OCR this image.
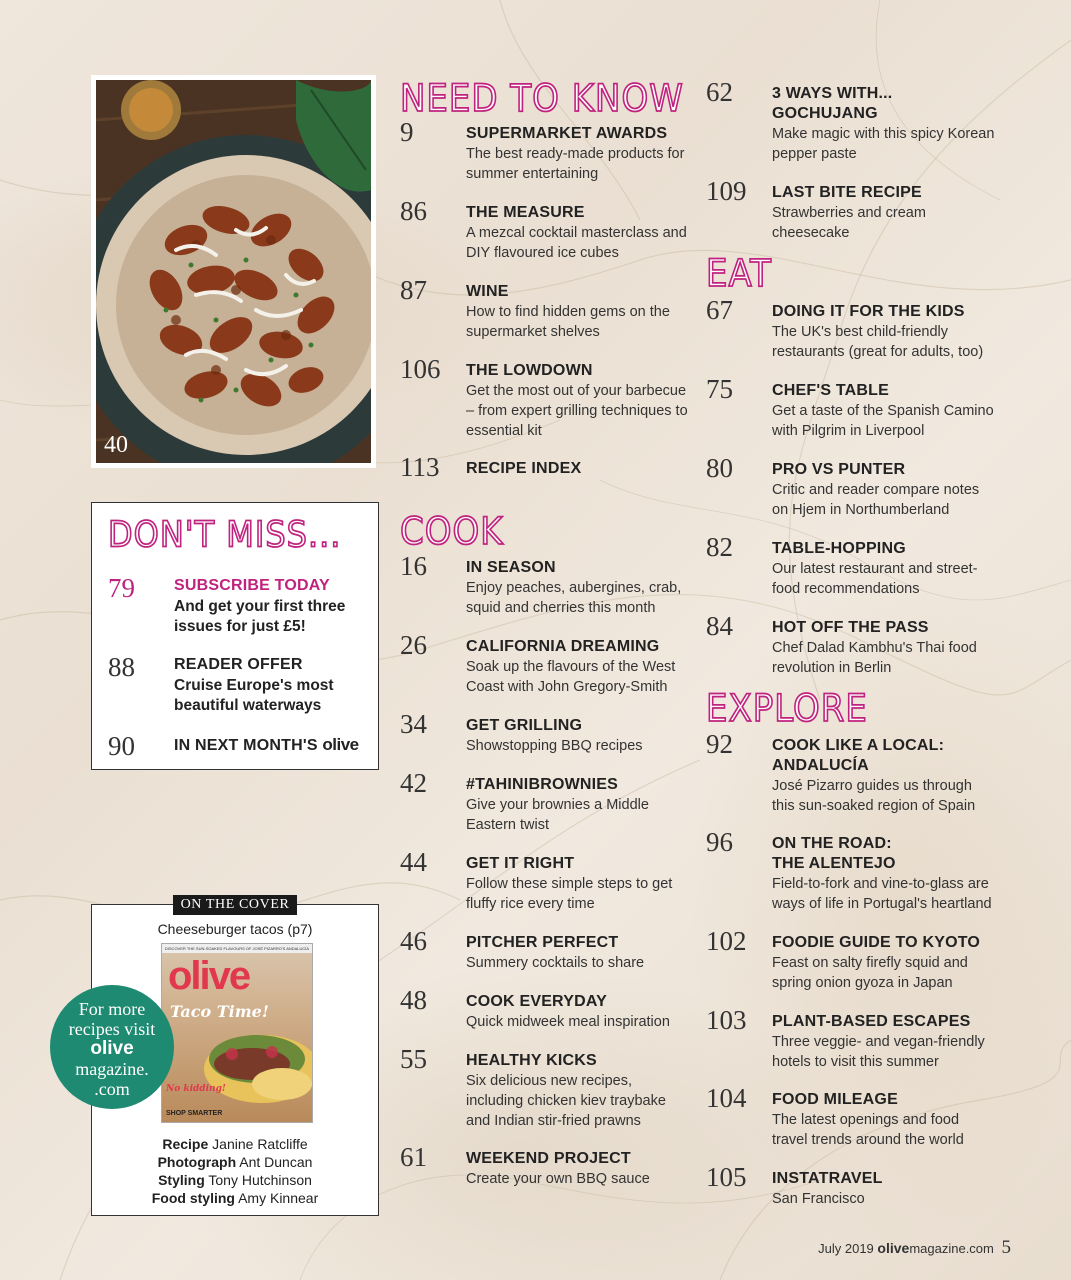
40
DON'T MISS...
79 SUBSCRIBE TODAY
And get your first three issues for just £5!
88 READER OFFER
Cruise Europe's most beautiful waterways
90 IN NEXT MONTH'S olive
ON THE COVER
Cheeseburger tacos (p7)
DISCOVER THE SUN-SOAKED FLAVOURS OF JOSÉ PIZARRO'S ANDALUCÍA
olive
Taco Time!
No kidding!
SHOP SMARTER
Recipe Janine Ratcliffe
Photograph Ant Duncan
Styling Tony Hutchinson
Food styling Amy Kinnear
For more
recipes visit
olive
magazine.
.com
NEED TO KNOW
9	SUPERMARKET AWARDS
The best ready-made products for summer entertaining
86 THE MEASURE
A mezcal cocktail masterclass and DIY flavoured ice cubes
87 WINE
How to find hidden gems on the supermarket shelves
106 THE LOWDOWN
Get the most out of your barbecue – from expert grilling techniques to essential kit
113 RECIPE INDEX
COOK
16 IN SEASON
Enjoy peaches, aubergines, crab, squid and cherries this month
26 CALIFORNIA DREAMING
Soak up the flavours of the West Coast with John Gregory-Smith
34 GET GRILLING
Showstopping BBQ recipes
42 #TAHINIBROWNIES
Give your brownies a Middle Eastern twist
44 GET IT RIGHT
Follow these simple steps to get fluffy rice every time
46 PITCHER PERFECT
Summery cocktails to share
48 COOK EVERYDAY
Quick midweek meal inspiration
55 HEALTHY KICKS
Six delicious new recipes, including chicken kiev traybake and Indian stir-fried prawns
61 WEEKEND PROJECT
Create your own BBQ sauce
62 3 WAYS WITH... GOCHUJANG
Make magic with this spicy Korean pepper paste
109 LAST BITE RECIPE
Strawberries and cream cheesecake
EAT
67 DOING IT FOR THE KIDS
The UK's best child-friendly restaurants (great for adults, too)
75 CHEF'S TABLE
Get a taste of the Spanish Camino with Pilgrim in Liverpool
80 PRO VS PUNTER
Critic and reader compare notes on Hjem in Northumberland
82 TABLE-HOPPING
Our latest restaurant and street-food recommendations
84 HOT OFF THE PASS
Chef Dalad Kambhu's Thai food revolution in Berlin
EXPLORE
92 COOK LIKE A LOCAL: ANDALUCÍA
José Pizarro guides us through this sun-soaked region of Spain
96 ON THE ROAD: THE ALENTEJO
Field-to-fork and vine-to-glass are ways of life in Portugal's heartland
102 FOODIE GUIDE TO KYOTO
Feast on salty firefly squid and spring onion gyoza in Japan
103 PLANT-BASED ESCAPES
Three veggie- and vegan-friendly hotels to visit this summer
104 FOOD MILEAGE
The latest openings and food travel trends around the world
105 INSTATRAVEL
San Francisco
July 2019 olivemagazine.com 5
